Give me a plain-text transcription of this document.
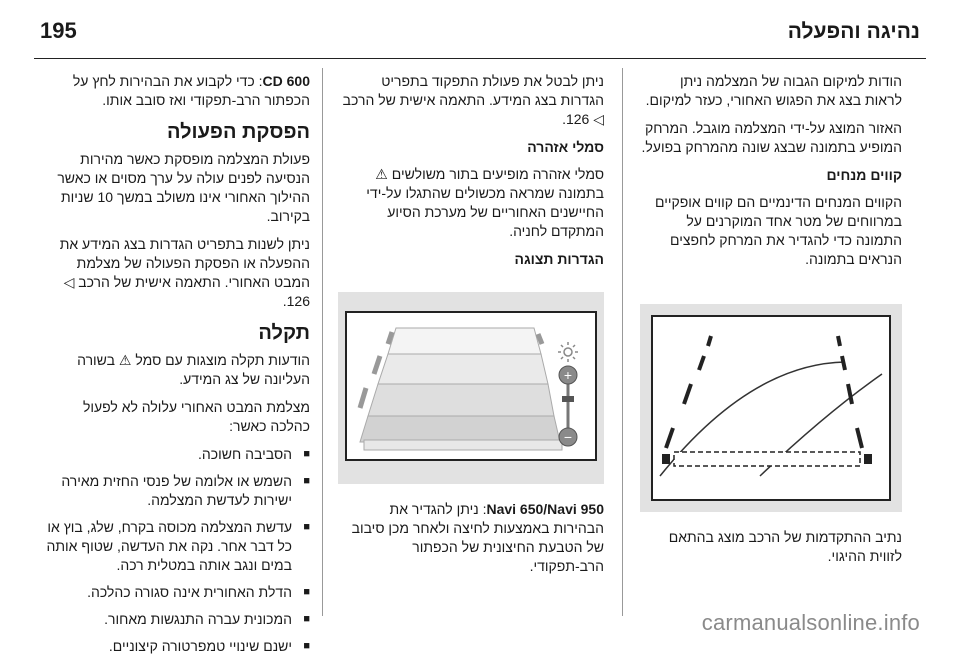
195	נהיגה והפעלה

הודות למיקום הגבוה של המצלמה ניתן לראות בצג את הפגוש האחורי, כעזר למיקום.

האזור המוצג על-ידי המצלמה מוגבל. המרחק המופיע בתמונה שבצג שונה מהמרחק בפועל.

קווים מנחים

הקווים המנחים הדינמיים הם קווים אופקיים במרווחים של מטר אחד המוקרנים על התמונה כדי להגדיר את המרחק לחפצים הנראים בתמונה.

נתיב ההתקדמות של הרכב מוצג בהתאם לזווית ההיגוי.

ניתן לבטל את פעולת התפקוד בתפריט הגדרות בצג המידע. התאמה אישית של הרכב ◁ 126.

סמלי אזהרה

סמלי אזהרה מופיעים בתור משולשים ⚠ בתמונה שמראה מכשולים שהתגלו על-ידי החיישנים האחוריים של מערכת הסיוע המתקדם לחניה.

הגדרות תצוגה
+
−

Navi 650/Navi 950: ניתן להגדיר את הבהירות באמצעות לחיצה ולאחר מכן סיבוב של הטבעת החיצונית של הכפתור הרב-תפקודי.

CD 600: כדי לקבוע את הבהירות לחץ על הכפתור הרב-תפקודי ואז סובב אותו.

הפסקת הפעולה

פעולת המצלמה מופסקת כאשר מהירות הנסיעה לפנים עולה על ערך מסוים או כאשר ההילוך האחורי אינו משולב במשך 10 שניות בקירוב.

ניתן לשנות בתפריט הגדרות בצג המידע את ההפעלה או הפסקת הפעולה של מצלמת המבט האחורי. התאמה אישית של הרכב ◁ 126.

תקלה

הודעות תקלה מוצגות עם סמל ⚠ בשורה העליונה של צג המידע.

מצלמת המבט האחורי עלולה לא לפעול כהלכה כאשר:

■ הסביבה חשוכה.
■ השמש או אלומה של פנסי החזית מאירה ישירות לעדשת המצלמה.
■ עדשת המצלמה מכוסה בקרח, שלג, בוץ או כל דבר אחר. נקה את העדשה, שטוף אותה במים ונגב אותה במטלית רכה.
■ הדלת האחורית אינה סגורה כהלכה.
■ המכונית עברה התנגשות מאחור.
■ ישנם שינויי טמפרטורה קיצוניים.
carmanualsonline.info
